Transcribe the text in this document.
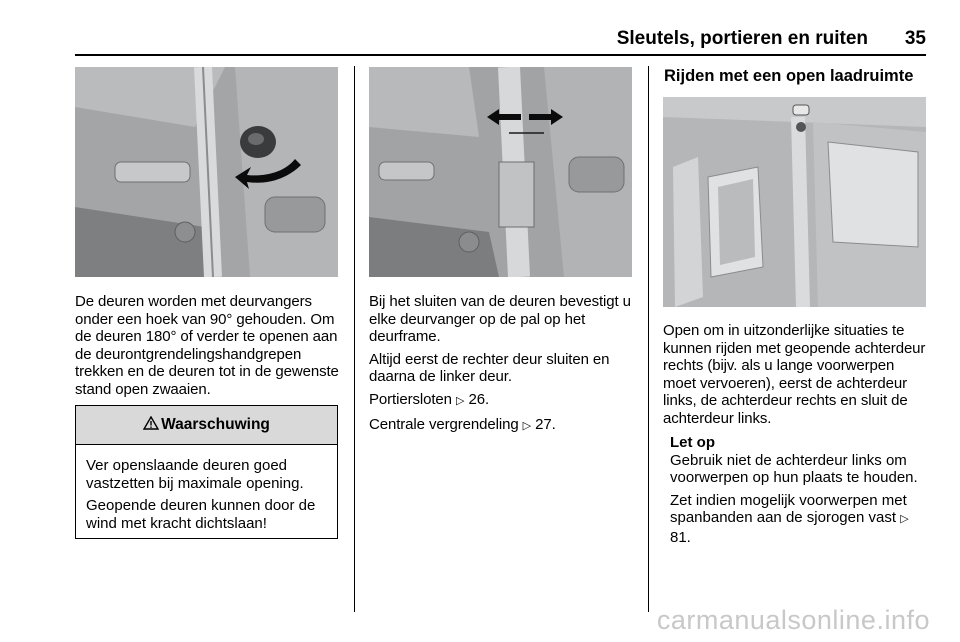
Sleutels, portieren en ruiten 35

De deuren worden met deurvangers onder een hoek van 90° gehouden. Om de deuren 180° of verder te openen aan de deurontgrendelingshandgrepen trekken en de deuren tot in de gewenste stand open zwaaien.

Waarschuwing

Ver openslaande deuren goed vastzetten bij maximale opening.

Geopende deuren kunnen door de wind met kracht dichtslaan!

Bij het sluiten van de deuren bevestigt u elke deurvanger op de pal op het deurframe.

Altijd eerst de rechter deur sluiten en daarna de linker deur.

Portiersloten ▷ 26.

Centrale vergrendeling ▷ 27.

Rijden met een open laadruimte

Open om in uitzonderlijke situaties te kunnen rijden met geopende achterdeur rechts (bijv. als u lange voorwerpen moet vervoeren), eerst de achterdeur links, de achterdeur rechts en sluit de achterdeur links.

Let op

Gebruik niet de achterdeur links om voorwerpen op hun plaats te houden.

Zet indien mogelijk voorwerpen met spanbanden aan de sjorogen vast ▷ 81.

carmanualsonline.info
